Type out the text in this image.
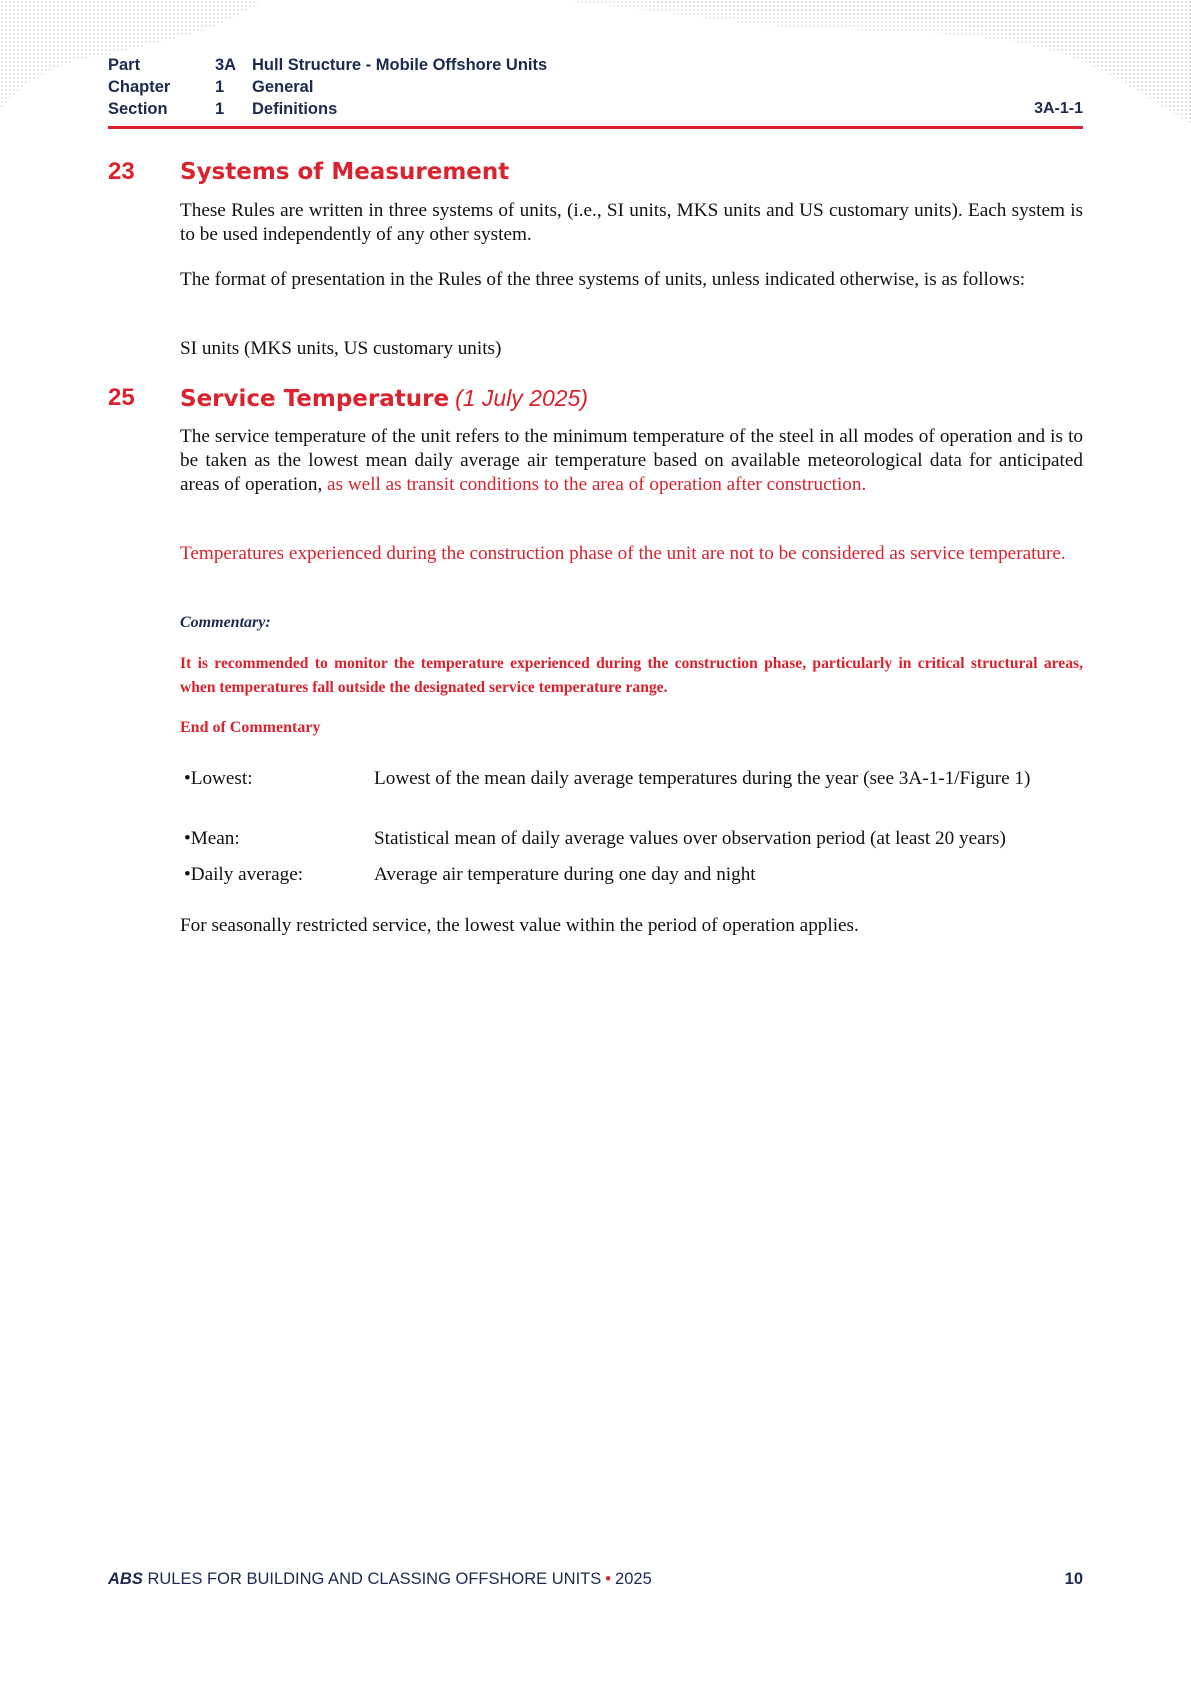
Part	3A Hull Structure - Mobile Offshore Units
Chapter	1 General
Section	1 Definitions	3A-1-1
23 Systems of Measurement
These Rules are written in three systems of units, (i.e., SI units, MKS units and US customary units). Each system is to be used independently of any other system.
The format of presentation in the Rules of the three systems of units, unless indicated otherwise, is as follows:
SI units (MKS units, US customary units)
25 Service Temperature (1 July 2025)
The service temperature of the unit refers to the minimum temperature of the steel in all modes of operation and is to be taken as the lowest mean daily average air temperature based on available meteorological data for anticipated areas of operation, as well as transit conditions to the area of operation after construction.
Temperatures experienced during the construction phase of the unit are not to be considered as service temperature.
Commentary:
It is recommended to monitor the temperature experienced during the construction phase, particularly in critical structural areas, when temperatures fall outside the designated service temperature range.
End of Commentary
•Lowest:	Lowest of the mean daily average temperatures during the year (see 3A-1-1/Figure 1)
•Mean:	Statistical mean of daily average values over observation period (at least 20 years)
•Daily average:	Average air temperature during one day and night
For seasonally restricted service, the lowest value within the period of operation applies.
ABS RULES FOR BUILDING AND CLASSING OFFSHORE UNITS • 2025	10
